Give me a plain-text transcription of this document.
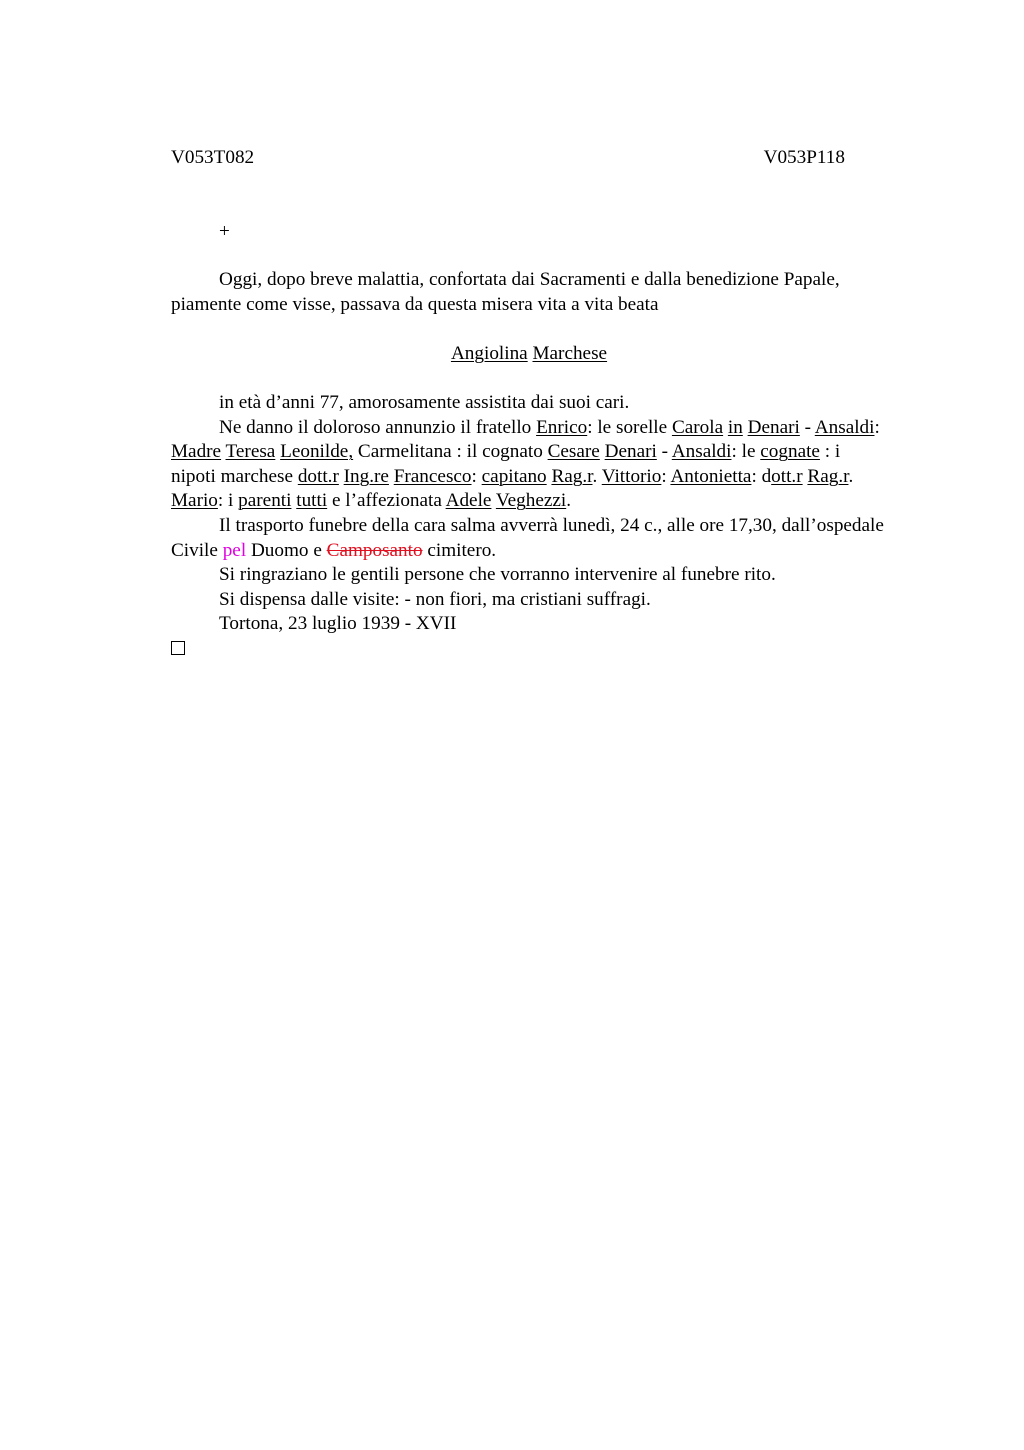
V053T082	V053P118
+

Oggi, dopo breve malattia, confortata dai Sacramenti e dalla benedizione Papale, piamente come visse, passava da questa misera vita a vita beata

Angiolina Marchese

in età d’anni 77, amorosamente assistita dai suoi cari.

Ne danno il doloroso annunzio il fratello Enrico: le sorelle Carola in Denari - Ansaldi: Madre Teresa Leonilde, Carmelitana : il cognato Cesare Denari - Ansaldi: le cognate : i nipoti marchese dott.r Ing.re Francesco: capitano Rag.r. Vittorio: Antonietta: dott.r Rag.r. Mario: i parenti tutti e l’affezionata Adele Veghezzi.

Il trasporto funebre della cara salma avverrà lunedì, 24 c., alle ore 17,30, dall’ospedale Civile pel Duomo e Camposanto cimitero.

Si ringraziano le gentili persone che vorranno intervenire al funebre rito.

Si dispensa dalle visite: - non fiori, ma cristiani suffragi.

Tortona, 23 luglio 1939 - XVII
